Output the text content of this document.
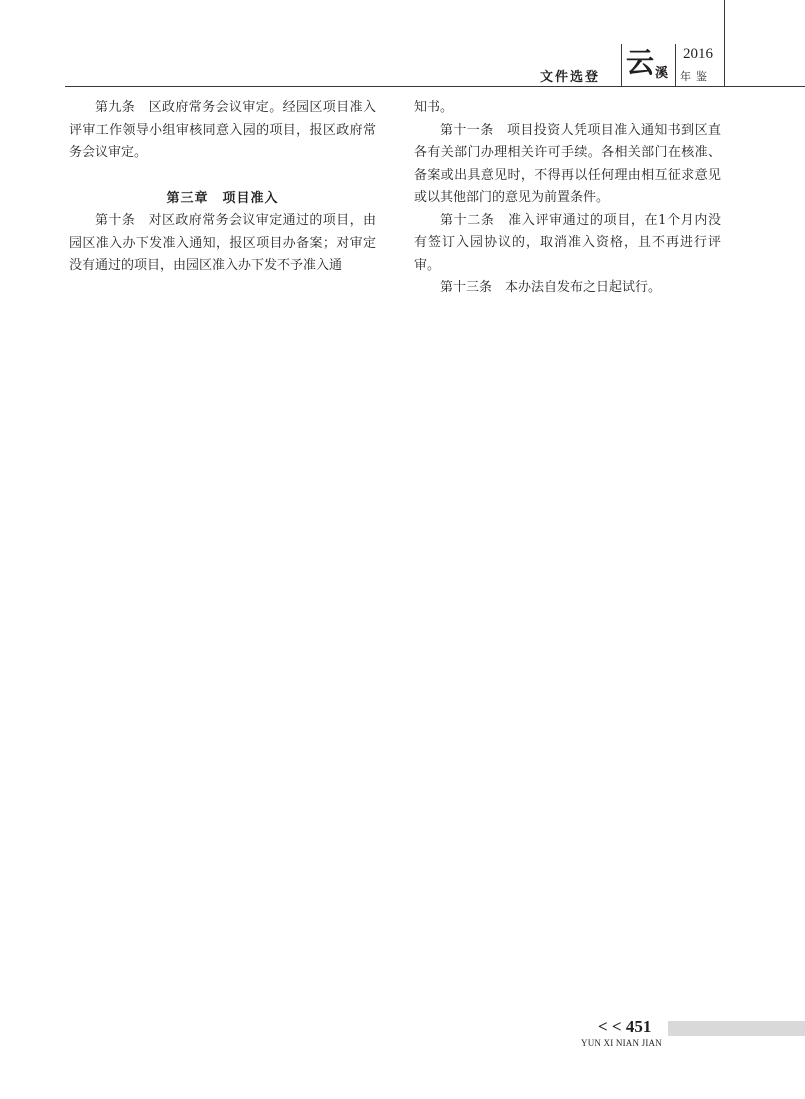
文件选登 云 溪
2016
年鉴

第九条　区政府常务会议审定。经园区项目准入评审工作领导小组审核同意入园的项目，报区政府常务会议审定。

第三章　项目准入

第十条　对区政府常务会议审定通过的项目，由园区准入办下发准入通知，报区项目办备案；对审定没有通过的项目，由园区准入办下发不予准入通

知书。

第十一条　项目投资人凭项目准入通知书到区直各有关部门办理相关许可手续。各相关部门在核准、备案或出具意见时，不得再以任何理由相互征求意见或以其他部门的意见为前置条件。

第十二条　准入评审通过的项目，在1个月内没有签订入园协议的，取消准入资格，且不再进行评审。

第十三条　本办法自发布之日起试行。

< < 451
YUN XI NIAN JIAN
